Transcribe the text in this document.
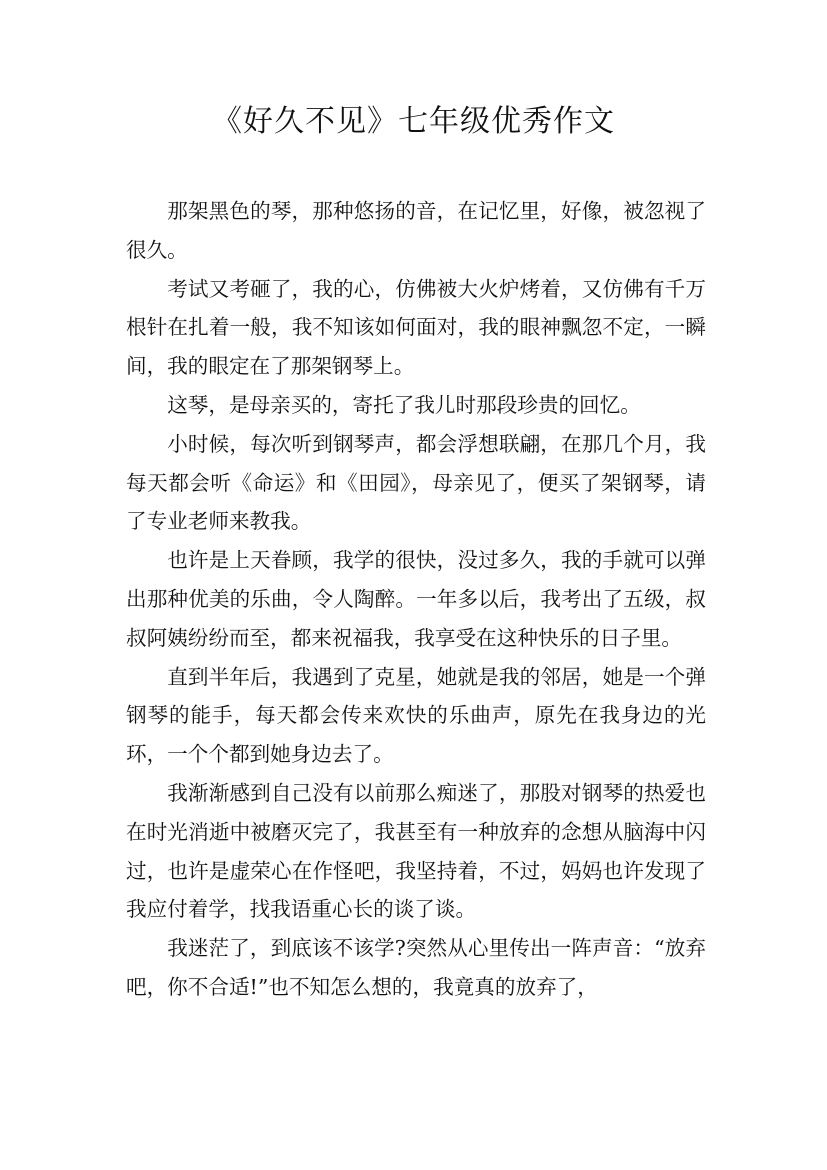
《好久不见》七年级优秀作文

那架黑色的琴，那种悠扬的音，在记忆里，好像，被忽视了很久。

考试又考砸了，我的心，仿佛被大火炉烤着，又仿佛有千万根针在扎着一般，我不知该如何面对，我的眼神飘忽不定，一瞬间，我的眼定在了那架钢琴上。

这琴，是母亲买的，寄托了我儿时那段珍贵的回忆。

小时候，每次听到钢琴声，都会浮想联翩，在那几个月，我每天都会听《命运》和《田园》，母亲见了，便买了架钢琴，请了专业老师来教我。

也许是上天眷顾，我学的很快，没过多久，我的手就可以弹出那种优美的乐曲，令人陶醉。一年多以后，我考出了五级，叔叔阿姨纷纷而至，都来祝福我，我享受在这种快乐的日子里。

直到半年后，我遇到了克星，她就是我的邻居，她是一个弹钢琴的能手，每天都会传来欢快的乐曲声，原先在我身边的光环，一个个都到她身边去了。

我渐渐感到自己没有以前那么痴迷了，那股对钢琴的热爱也在时光消逝中被磨灭完了，我甚至有一种放弃的念想从脑海中闪过，也许是虚荣心在作怪吧，我坚持着，不过，妈妈也许发现了我应付着学，找我语重心长的谈了谈。

我迷茫了，到底该不该学?突然从心里传出一阵声音：“放弃吧，你不合适!”也不知怎么想的，我竟真的放弃了，
